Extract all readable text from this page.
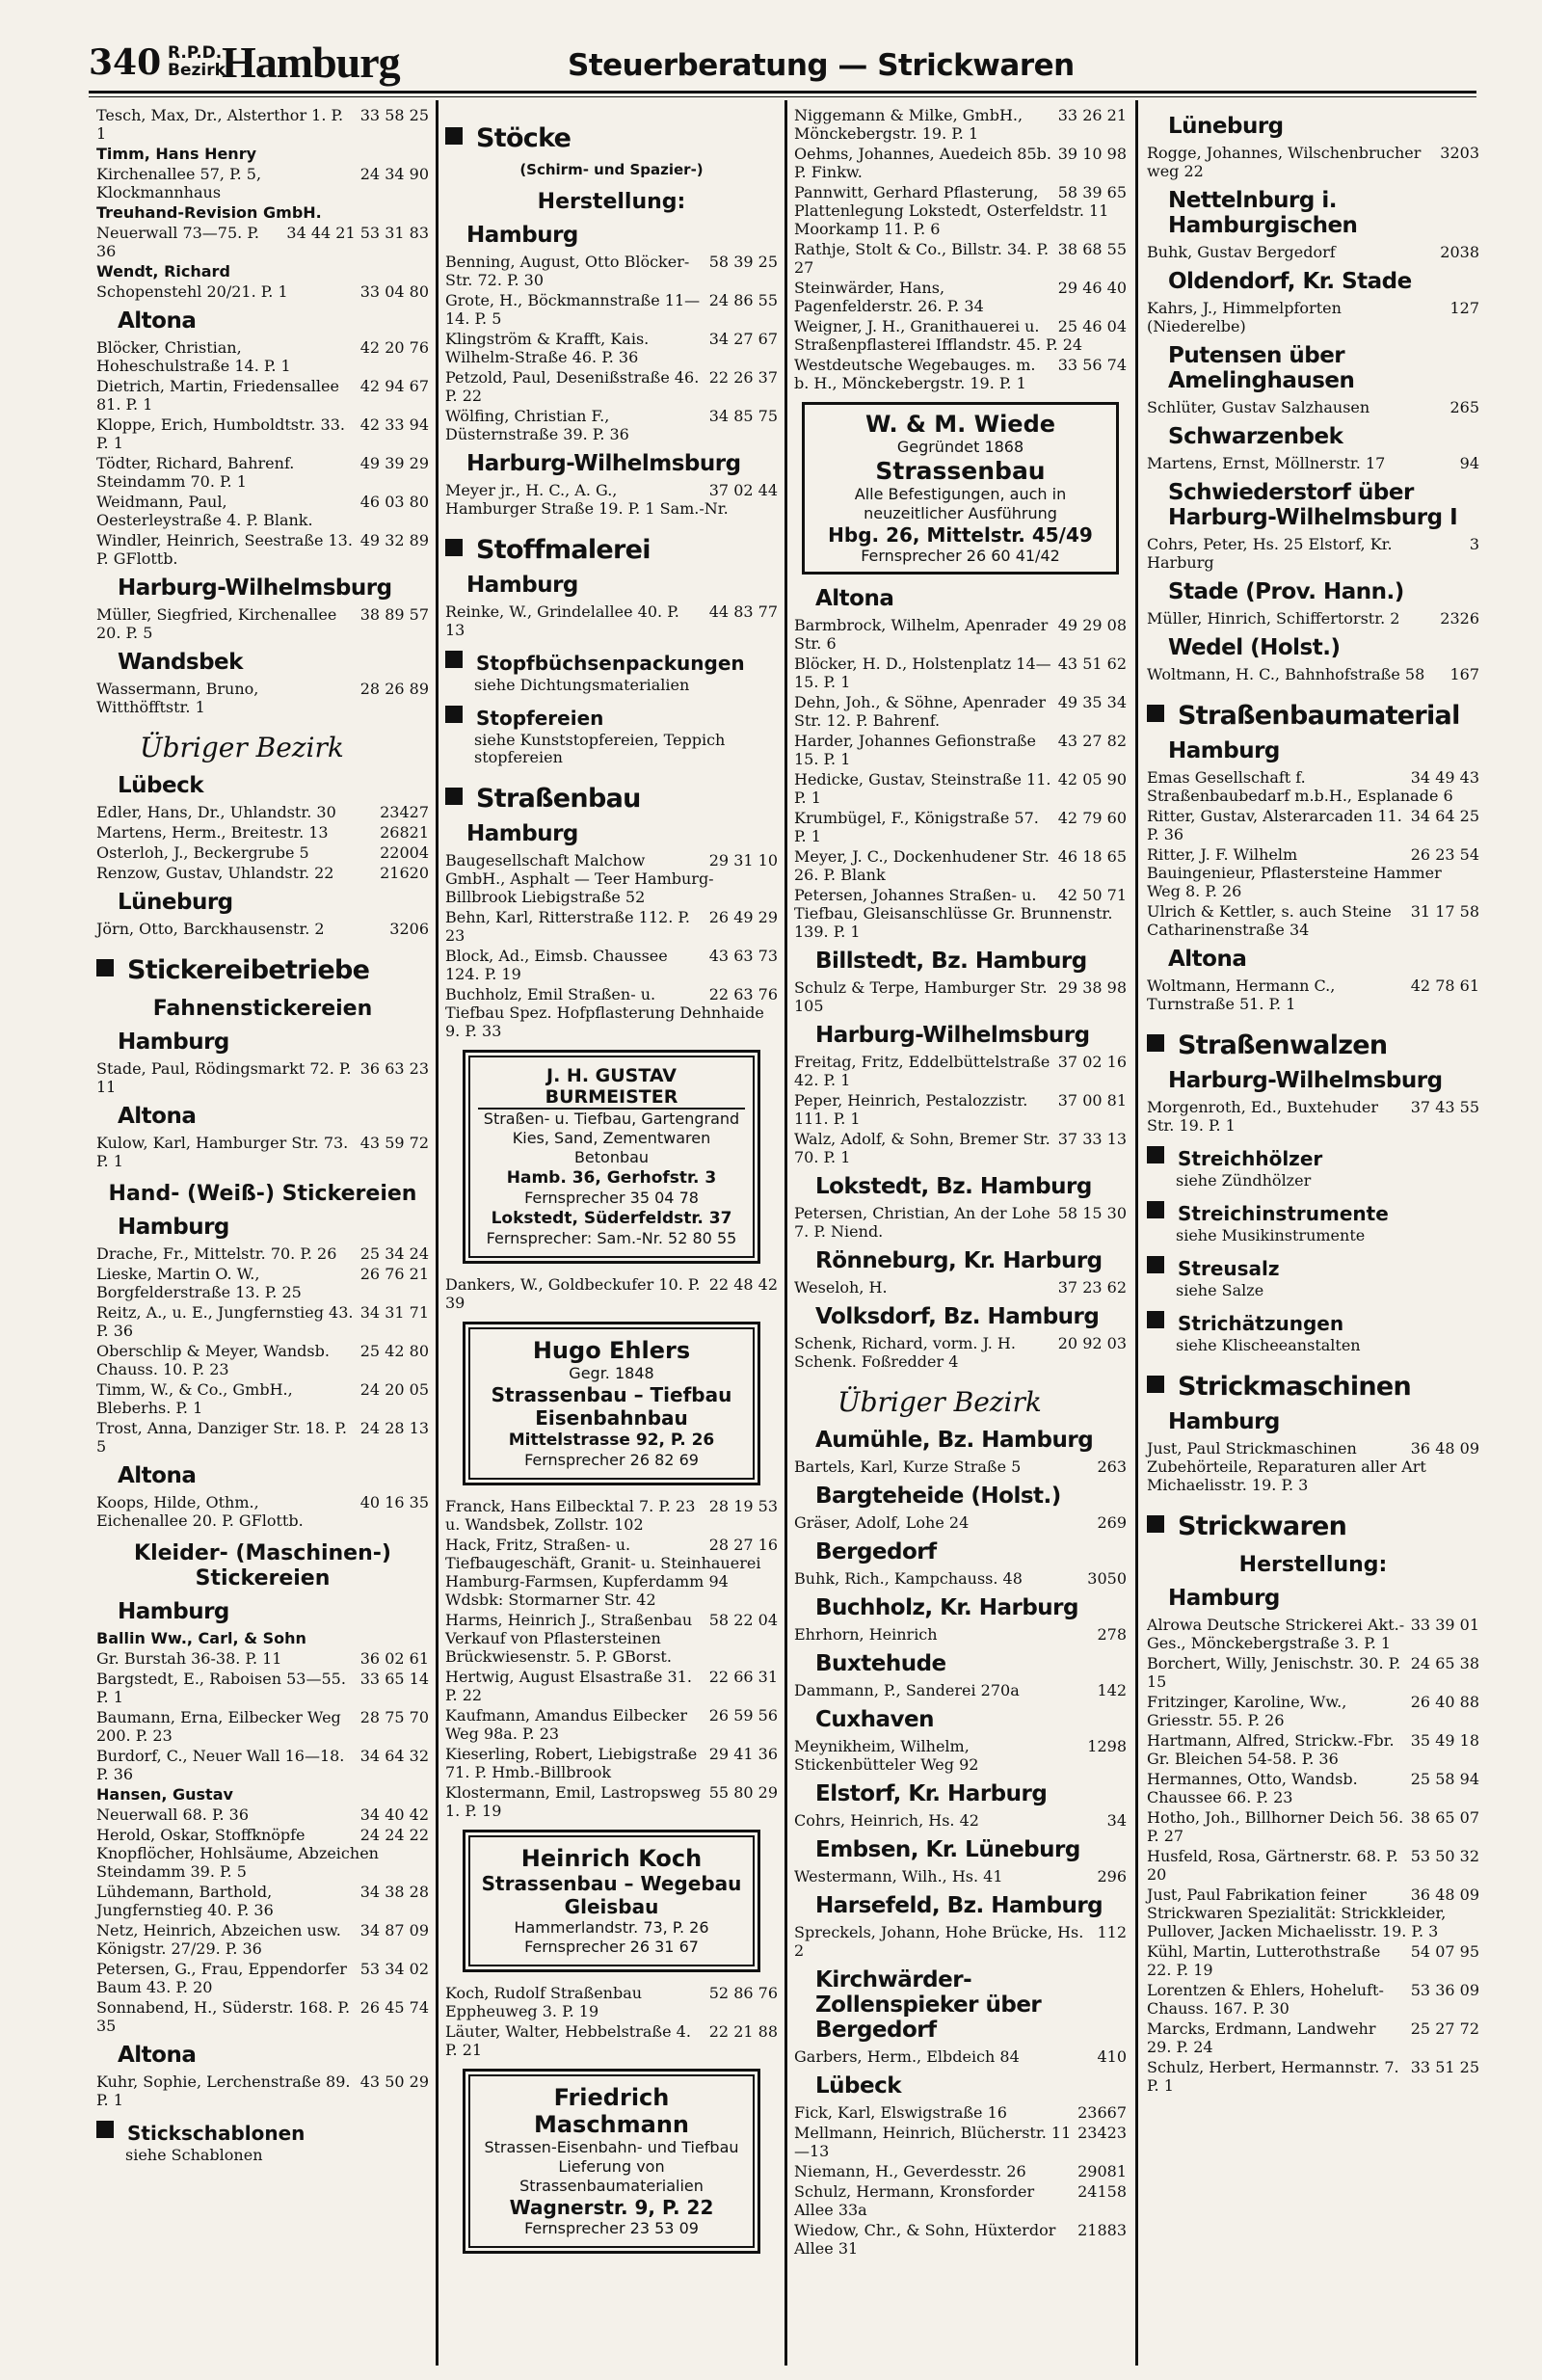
340 R.P.D.
Bezirk
Hamburg	Steuerberatung — Strickwaren
33 58 25
Tesch, Max, Dr., Alsterthor 1. P. 1
Timm, Hans Henry
24 34 90
Kirchenallee 57, P. 5, Klockmannhaus
Treuhand-Revision GmbH.
34 44 21 53 31 83
Neuerwall 73—75. P. 36
Wendt, Richard
33 04 80
Schopenstehl 20/21. P. 1
Altona
42 20 76
Blöcker, Christian, Hoheschulstraße 14. P. 1
42 94 67
Dietrich, Martin, Friedensallee 81. P. 1
42 33 94
Kloppe, Erich, Humboldtstr. 33. P. 1
49 39 29
Tödter, Richard, Bahrenf. Steindamm 70. P. 1
46 03 80
Weidmann, Paul, Oesterleystraße 4. P. Blank.
49 32 89
Windler, Heinrich, Seestraße 13. P. GFlottb.
Harburg-Wilhelmsburg
38 89 57
Müller, Siegfried, Kirchenallee 20. P. 5
Wandsbek
28 26 89
Wassermann, Bruno, Witthöfftstr. 1
Übriger Bezirk
Lübeck
23427
Edler, Hans, Dr., Uhlandstr. 30
26821
Martens, Herm., Breitestr. 13
22004
Osterloh, J., Beckergrube 5
21620
Renzow, Gustav, Uhlandstr. 22
Lüneburg
3206
Jörn, Otto, Barckhausenstr. 2
Stickereibetriebe
Fahnenstickereien
Hamburg
36 63 23
Stade, Paul, Rödingsmarkt 72. P. 11
Altona
43 59 72
Kulow, Karl, Hamburger Str. 73. P. 1
Hand- (Weiß-) Stickereien
Hamburg
25 34 24
Drache, Fr., Mittelstr. 70. P. 26
26 76 21
Lieske, Martin O. W., Borgfelderstraße 13. P. 25
34 31 71
Reitz, A., u. E., Jungfernstieg 43. P. 36
25 42 80
Oberschlip & Meyer, Wandsb. Chauss. 10. P. 23
24 20 05
Timm, W., & Co., GmbH., Bleberhs. P. 1
24 28 13
Trost, Anna, Danziger Str. 18. P. 5
Altona
40 16 35
Koops, Hilde, Othm., Eichenallee 20. P. GFlottb.
Kleider- (Maschinen-) Stickereien
Hamburg
Ballin Ww., Carl, & Sohn
36 02 61
Gr. Burstah 36-38. P. 11
33 65 14
Bargstedt, E., Raboisen 53—55. P. 1
28 75 70
Baumann, Erna, Eilbecker Weg 200. P. 23
34 64 32
Burdorf, C., Neuer Wall 16—18. P. 36
Hansen, Gustav
34 40 42
Neuerwall 68. P. 36
24 24 22
Herold, Oskar, Stoffknöpfe Knopflöcher, Hohlsäume, Abzeichen Steindamm 39. P. 5
34 38 28
Lühdemann, Barthold, Jungfernstieg 40. P. 36
34 87 09
Netz, Heinrich, Abzeichen usw. Königstr. 27/29. P. 36
53 34 02
Petersen, G., Frau, Eppendorfer Baum 43. P. 20
26 45 74
Sonnabend, H., Süderstr. 168. P. 35
Altona
43 50 29
Kuhr, Sophie, Lerchenstraße 89. P. 1
Stickschablonen
siehe Schablonen
Stöcke
(Schirm- und Spazier-)
Herstellung:
Hamburg
58 39 25
Benning, August, Otto Blöcker-Str. 72. P. 30
24 86 55
Grote, H., Böckmannstraße 11—14. P. 5
34 27 67
Klingström & Krafft, Kais. Wilhelm-Straße 46. P. 36
22 26 37
Petzold, Paul, Desenißstraße 46. P. 22
34 85 75
Wölfing, Christian F., Düsternstraße 39. P. 36
Harburg-Wilhelmsburg
37 02 44
Meyer jr., H. C., A. G., Hamburger Straße 19. P. 1 Sam.-Nr.
Stoffmalerei
Hamburg
44 83 77
Reinke, W., Grindelallee 40. P. 13
Stopfbüchsenpackungen
siehe Dichtungsmaterialien
Stopfereien
siehe Kunststopfereien, Teppich stopfereien
Straßenbau
Hamburg
29 31 10
Baugesellschaft Malchow GmbH., Asphalt — Teer Hamburg-Billbrook Liebigstraße 52
26 49 29
Behn, Karl, Ritterstraße 112. P. 23
43 63 73
Block, Ad., Eimsb. Chaussee 124. P. 19
22 63 76
Buchholz, Emil Straßen- u. Tiefbau Spez. Hofpflasterung Dehnhaide 9. P. 33
J. H. GUSTAV BURMEISTER
Straßen- u. Tiefbau, Gartengrand
Kies, Sand, Zementwaren
Betonbau
Hamb. 36, Gerhofstr. 3
Fernsprecher 35 04 78
Lokstedt, Süderfeldstr. 37
Fernsprecher: Sam.-Nr. 52 80 55
22 48 42
Dankers, W., Goldbeckufer 10. P. 39
Hugo Ehlers
Gegr. 1848
Strassenbau – Tiefbau
Eisenbahnbau
Mittelstrasse 92, P. 26
Fernsprecher 26 82 69
28 19 53
Franck, Hans Eilbecktal 7. P. 23 u. Wandsbek, Zollstr. 102
28 27 16
Hack, Fritz, Straßen- u. Tiefbaugeschäft, Granit- u. Steinhauerei Hamburg-Farmsen, Kupferdamm 94 Wdsbk: Stormarner Str. 42
58 22 04
Harms, Heinrich J., Straßenbau Verkauf von Pflastersteinen Brückwiesenstr. 5. P. GBorst.
22 66 31
Hertwig, August Elsastraße 31. P. 22
26 59 56
Kaufmann, Amandus Eilbecker Weg 98a. P. 23
29 41 36
Kieserling, Robert, Liebigstraße 71. P. Hmb.-Billbrook
55 80 29
Klostermann, Emil, Lastropsweg 1. P. 19
Heinrich Koch
Strassenbau – Wegebau
Gleisbau
Hammerlandstr. 73, P. 26
Fernsprecher 26 31 67
52 86 76
Koch, Rudolf Straßenbau Eppheuweg 3. P. 19
22 21 88
Läuter, Walter, Hebbelstraße 4. P. 21
Friedrich Maschmann
Strassen-Eisenbahn- und Tiefbau
Lieferung von Strassenbaumaterialien
Wagnerstr. 9, P. 22
Fernsprecher 23 53 09
33 26 21
Niggemann & Milke, GmbH., Mönckebergstr. 19. P. 1
39 10 98
Oehms, Johannes, Auedeich 85b. P. Finkw.
58 39 65
Pannwitt, Gerhard Pflasterung, Plattenlegung Lokstedt, Osterfeldstr. 11 Moorkamp 11. P. 6
38 68 55
Rathje, Stolt & Co., Billstr. 34. P. 27
29 46 40
Steinwärder, Hans, Pagenfelderstr. 26. P. 34
25 46 04
Weigner, J. H., Granithauerei u. Straßenpflasterei Ifflandstr. 45. P. 24
33 56 74
Westdeutsche Wegebauges. m. b. H., Mönckebergstr. 19. P. 1
W. & M. Wiede
Gegründet 1868
Strassenbau
Alle Befestigungen, auch in neuzeitlicher Ausführung
Hbg. 26, Mittelstr. 45/49
Fernsprecher 26 60 41/42
Altona
49 29 08
Barmbrock, Wilhelm, Apenrader Str. 6
43 51 62
Blöcker, H. D., Holstenplatz 14—15. P. 1
49 35 34
Dehn, Joh., & Söhne, Apenrader Str. 12. P. Bahrenf.
43 27 82
Harder, Johannes Gefionstraße 15. P. 1
42 05 90
Hedicke, Gustav, Steinstraße 11. P. 1
42 79 60
Krumbügel, F., Königstraße 57. P. 1
46 18 65
Meyer, J. C., Dockenhudener Str. 26. P. Blank
42 50 71
Petersen, Johannes Straßen- u. Tiefbau, Gleisanschlüsse Gr. Brunnenstr. 139. P. 1
Billstedt, Bz. Hamburg
29 38 98
Schulz & Terpe, Hamburger Str. 105
Harburg-Wilhelmsburg
37 02 16
Freitag, Fritz, Eddelbüttelstraße 42. P. 1
37 00 81
Peper, Heinrich, Pestalozzistr. 111. P. 1
37 33 13
Walz, Adolf, & Sohn, Bremer Str. 70. P. 1
Lokstedt, Bz. Hamburg
58 15 30
Petersen, Christian, An der Lohe 7. P. Niend.
Rönneburg, Kr. Harburg
37 23 62
Weseloh, H.
Volksdorf, Bz. Hamburg
20 92 03
Schenk, Richard, vorm. J. H. Schenk. Foßredder 4
Übriger Bezirk
Aumühle, Bz. Hamburg
263
Bartels, Karl, Kurze Straße 5
Bargteheide (Holst.)
269
Gräser, Adolf, Lohe 24
Bergedorf
3050
Buhk, Rich., Kampchauss. 48
Buchholz, Kr. Harburg
278
Ehrhorn, Heinrich
Buxtehude
142
Dammann, P., Sanderei 270a
Cuxhaven
1298
Meynikheim, Wilhelm, Stickenbütteler Weg 92
Elstorf, Kr. Harburg
34
Cohrs, Heinrich, Hs. 42
Embsen, Kr. Lüneburg
296
Westermann, Wilh., Hs. 41
Harsefeld, Bz. Hamburg
112
Spreckels, Johann, Hohe Brücke, Hs. 2
Kirchwärder-Zollenspieker über Bergedorf
410
Garbers, Herm., Elbdeich 84
Lübeck
23667
Fick, Karl, Elswigstraße 16
23423
Mellmann, Heinrich, Blücherstr. 11—13
29081
Niemann, H., Geverdesstr. 26
24158
Schulz, Hermann, Kronsforder Allee 33a
21883
Wiedow, Chr., & Sohn, Hüxterdor Allee 31
Lüneburg
3203
Rogge, Johannes, Wilschenbrucher weg 22
Nettelnburg i. Hamburgischen
2038
Buhk, Gustav Bergedorf
Oldendorf, Kr. Stade
127
Kahrs, J., Himmelpforten (Niederelbe)
Putensen über Amelinghausen
265
Schlüter, Gustav Salzhausen
Schwarzenbek
94
Martens, Ernst, Möllnerstr. 17
Schwiederstorf über Harburg-Wilhelmsburg I
3
Cohrs, Peter, Hs. 25 Elstorf, Kr. Harburg
Stade (Prov. Hann.)
2326
Müller, Hinrich, Schiffertorstr. 2
Wedel (Holst.)
167
Woltmann, H. C., Bahnhofstraße 58
Straßenbaumaterial
Hamburg
34 49 43
Emas Gesellschaft f. Straßenbaubedarf m.b.H., Esplanade 6
34 64 25
Ritter, Gustav, Alsterarcaden 11. P. 36
26 23 54
Ritter, J. F. Wilhelm Bauingenieur, Pflastersteine Hammer Weg 8. P. 26
31 17 58
Ulrich & Kettler, s. auch Steine Catharinenstraße 34
Altona
42 78 61
Woltmann, Hermann C., Turnstraße 51. P. 1
Straßenwalzen
Harburg-Wilhelmsburg
37 43 55
Morgenroth, Ed., Buxtehuder Str. 19. P. 1
Streichhölzer
siehe Zündhölzer
Streichinstrumente
siehe Musikinstrumente
Streusalz
siehe Salze
Strichätzungen
siehe Klischeeanstalten
Strickmaschinen
Hamburg
36 48 09
Just, Paul Strickmaschinen Zubehörteile, Reparaturen aller Art Michaelisstr. 19. P. 3
Strickwaren
Herstellung:
Hamburg
33 39 01
Alrowa Deutsche Strickerei Akt.-Ges., Mönckebergstraße 3. P. 1
24 65 38
Borchert, Willy, Jenischstr. 30. P. 15
26 40 88
Fritzinger, Karoline, Ww., Griesstr. 55. P. 26
35 49 18
Hartmann, Alfred, Strickw.-Fbr. Gr. Bleichen 54-58. P. 36
25 58 94
Hermannes, Otto, Wandsb. Chaussee 66. P. 23
38 65 07
Hotho, Joh., Billhorner Deich 56. P. 27
53 50 32
Husfeld, Rosa, Gärtnerstr. 68. P. 20
36 48 09
Just, Paul Fabrikation feiner Strickwaren Spezialität: Strickkleider, Pullover, Jacken Michaelisstr. 19. P. 3
54 07 95
Kühl, Martin, Lutterothstraße 22. P. 19
53 36 09
Lorentzen & Ehlers, Hoheluft-Chauss. 167. P. 30
25 27 72
Marcks, Erdmann, Landwehr 29. P. 24
33 51 25
Schulz, Herbert, Hermannstr. 7. P. 1
